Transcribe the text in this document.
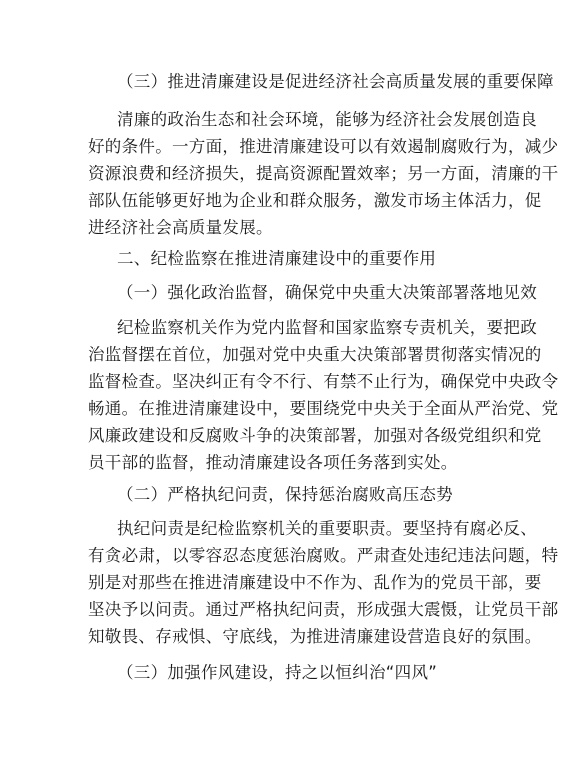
（三）推进清廉建设是促进经济社会高质量发展的重要保障
清廉的政治生态和社会环境，能够为经济社会发展创造良
好的条件。一方面，推进清廉建设可以有效遏制腐败行为，减少
资源浪费和经济损失，提高资源配置效率；另一方面，清廉的干
部队伍能够更好地为企业和群众服务，激发市场主体活力，促
进经济社会高质量发展。
二、纪检监察在推进清廉建设中的重要作用
（一）强化政治监督，确保党中央重大决策部署落地见效
纪检监察机关作为党内监督和国家监察专责机关，要把政
治监督摆在首位，加强对党中央重大决策部署贯彻落实情况的
监督检查。坚决纠正有令不行、有禁不止行为，确保党中央政令
畅通。在推进清廉建设中，要围绕党中央关于全面从严治党、党
风廉政建设和反腐败斗争的决策部署，加强对各级党组织和党
员干部的监督，推动清廉建设各项任务落到实处。
（二）严格执纪问责，保持惩治腐败高压态势
执纪问责是纪检监察机关的重要职责。要坚持有腐必反、
有贪必肃，以零容忍态度惩治腐败。严肃查处违纪违法问题，特
别是对那些在推进清廉建设中不作为、乱作为的党员干部，要
坚决予以问责。通过严格执纪问责，形成强大震慑，让党员干部
知敬畏、存戒惧、守底线，为推进清廉建设营造良好的氛围。
（三）加强作风建设，持之以恒纠治“四风”
